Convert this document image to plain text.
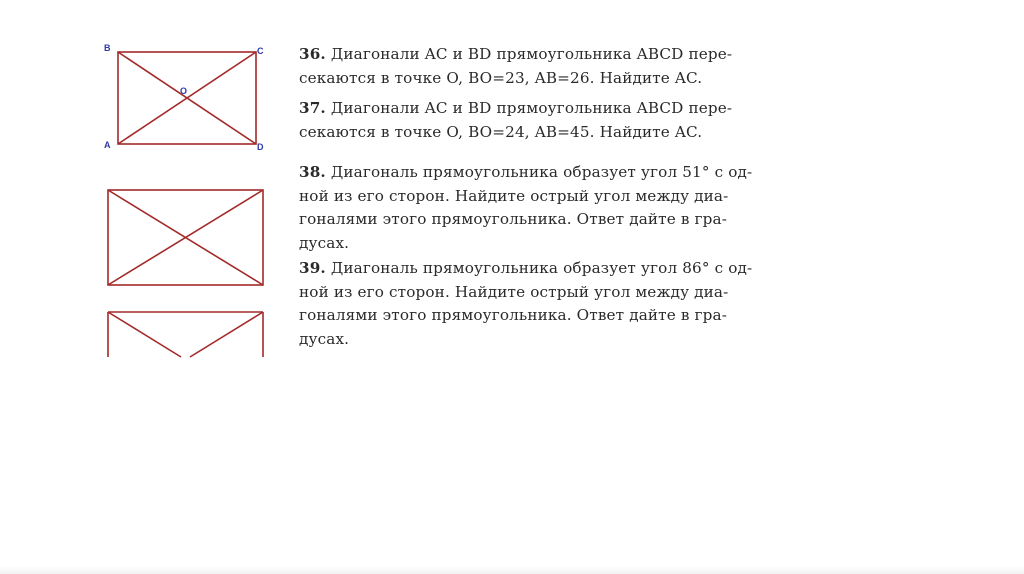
B	C
A	D
O

36. Диагонали AC и BD прямоугольника ABCD пере-
секаются в точке O, BO=23, AB=26. Найдите AC.

37. Диагонали AC и BD прямоугольника ABCD пере-
секаются в точке O, BO=24, AB=45. Найдите AC.

38. Диагональ прямоугольника образует угол 51° с од-
ной из его сторон. Найдите острый угол между диа-
гоналями этого прямоугольника. Ответ дайте в гра-
дусах.

39. Диагональ прямоугольника образует угол 86° с од-
ной из его сторон. Найдите острый угол между диа-
гоналями этого прямоугольника. Ответ дайте в гра-
дусах.
